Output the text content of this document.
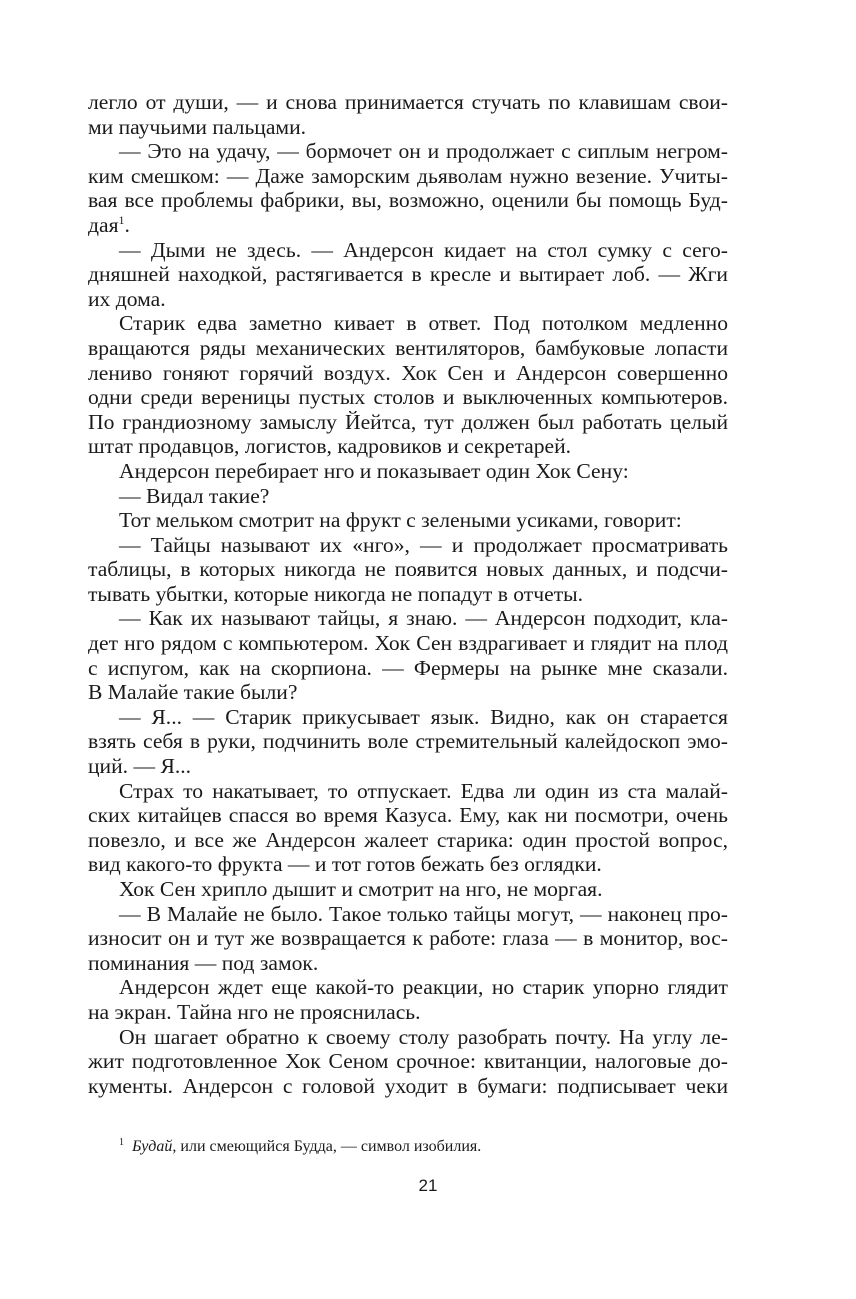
легло от души, — и снова принимается стучать по клавишам свои-
ми паучьими пальцами.
— Это на удачу, — бормочет он и продолжает с сиплым негром-
ким смешком: — Даже заморским дьяволам нужно везение. Учиты-
вая все проблемы фабрики, вы, возможно, оценили бы помощь Буд-
дая$^1$.
— Дыми не здесь. — Андерсон кидает на стол сумку с сего-
дняшней находкой, растягивается в кресле и вытирает лоб. — Жги
их дома.
Старик едва заметно кивает в ответ. Под потолком медленно
вращаются ряды механических вентиляторов, бамбуковые лопасти
лениво гоняют горячий воздух. Хок Сен и Андерсон совершенно
одни среди вереницы пустых столов и выключенных компьютеров.
По грандиозному замыслу Йейтса, тут должен был работать целый
штат продавцов, логистов, кадровиков и секретарей.
Андерсон перебирает нго и показывает один Хок Сену:
— Видал такие?
Тот мельком смотрит на фрукт с зелеными усиками, говорит:
— Тайцы называют их «нго», — и продолжает просматривать
таблицы, в которых никогда не появится новых данных, и подсчи-
тывать убытки, которые никогда не попадут в отчеты.
— Как их называют тайцы, я знаю. — Андерсон подходит, кла-
дет нго рядом с компьютером. Хок Сен вздрагивает и глядит на плод
с испугом, как на скорпиона. — Фермеры на рынке мне сказали.
В Малайе такие были?
— Я... — Старик прикусывает язык. Видно, как он старается
взять себя в руки, подчинить воле стремительный калейдоскоп эмо-
ций. — Я...
Страх то накатывает, то отпускает. Едва ли один из ста малай-
ских китайцев спасся во время Казуса. Ему, как ни посмотри, очень
повезло, и все же Андерсон жалеет старика: один простой вопрос,
вид какого-то фрукта — и тот готов бежать без оглядки.
Хок Сен хрипло дышит и смотрит на нго, не моргая.
— В Малайе не было. Такое только тайцы могут, — наконец про-
износит он и тут же возвращается к работе: глаза — в монитор, вос-
поминания — под замок.
Андерсон ждет еще какой-то реакции, но старик упорно глядит
на экран. Тайна нго не прояснилась.
Он шагает обратно к своему столу разобрать почту. На углу ле-
жит подготовленное Хок Сеном срочное: квитанции, налоговые до-
кументы. Андерсон с головой уходит в бумаги: подписывает чеки
$^1$ Будай, или смеющийся Будда, — символ изобилия.
21
